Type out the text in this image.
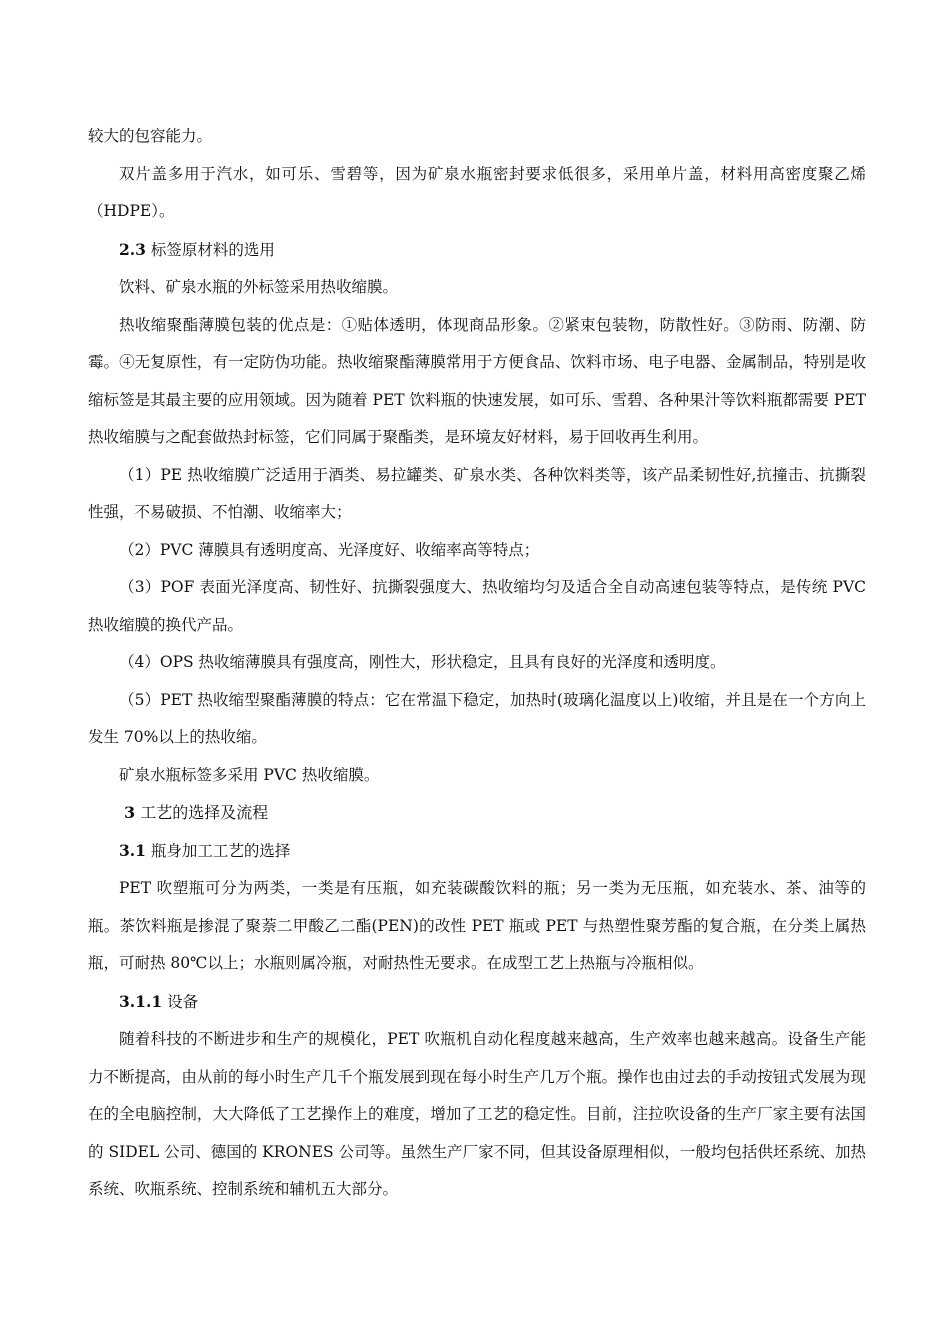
较大的包容能力。

双片盖多用于汽水，如可乐、雪碧等，因为矿泉水瓶密封要求低很多，采用单片盖，材料用高密度聚乙烯（HDPE）。

2.3 标签原材料的选用

饮料、矿泉水瓶的外标签采用热收缩膜。

热收缩聚酯薄膜包装的优点是：①贴体透明，体现商品形象。②紧束包装物，防散性好。③防雨、防潮、防霉。④无复原性，有一定防伪功能。热收缩聚酯薄膜常用于方便食品、饮料市场、电子电器、金属制品，特别是收缩标签是其最主要的应用领域。因为随着 PET 饮料瓶的快速发展，如可乐、雪碧、各种果汁等饮料瓶都需要 PET 热收缩膜与之配套做热封标签，它们同属于聚酯类，是环境友好材料，易于回收再生利用。

（1）PE 热收缩膜广泛适用于酒类、易拉罐类、矿泉水类、各种饮料类等，该产品柔韧性好,抗撞击、抗撕裂性强，不易破损、不怕潮、收缩率大；

（2）PVC 薄膜具有透明度高、光泽度好、收缩率高等特点；

（3）POF 表面光泽度高、韧性好、抗撕裂强度大、热收缩均匀及适合全自动高速包装等特点，是传统 PVC 热收缩膜的换代产品。

（4）OPS 热收缩薄膜具有强度高，刚性大，形状稳定，且具有良好的光泽度和透明度。

（5）PET 热收缩型聚酯薄膜的特点：它在常温下稳定，加热时(玻璃化温度以上)收缩，并且是在一个方向上发生 70%以上的热收缩。

矿泉水瓶标签多采用 PVC 热收缩膜。

3 工艺的选择及流程

3.1 瓶身加工工艺的选择

PET 吹塑瓶可分为两类，一类是有压瓶，如充装碳酸饮料的瓶；另一类为无压瓶，如充装水、茶、油等的瓶。茶饮料瓶是掺混了聚萘二甲酸乙二酯(PEN)的改性 PET 瓶或 PET 与热塑性聚芳酯的复合瓶，在分类上属热瓶，可耐热 80℃以上；水瓶则属冷瓶，对耐热性无要求。在成型工艺上热瓶与冷瓶相似。

3.1.1 设备

随着科技的不断进步和生产的规模化，PET 吹瓶机自动化程度越来越高，生产效率也越来越高。设备生产能力不断提高，由从前的每小时生产几千个瓶发展到现在每小时生产几万个瓶。操作也由过去的手动按钮式发展为现在的全电脑控制，大大降低了工艺操作上的难度，增加了工艺的稳定性。目前，注拉吹设备的生产厂家主要有法国的 SIDEL 公司、德国的 KRONES 公司等。虽然生产厂家不同，但其设备原理相似，一般均包括供坯系统、加热系统、吹瓶系统、控制系统和辅机五大部分。
